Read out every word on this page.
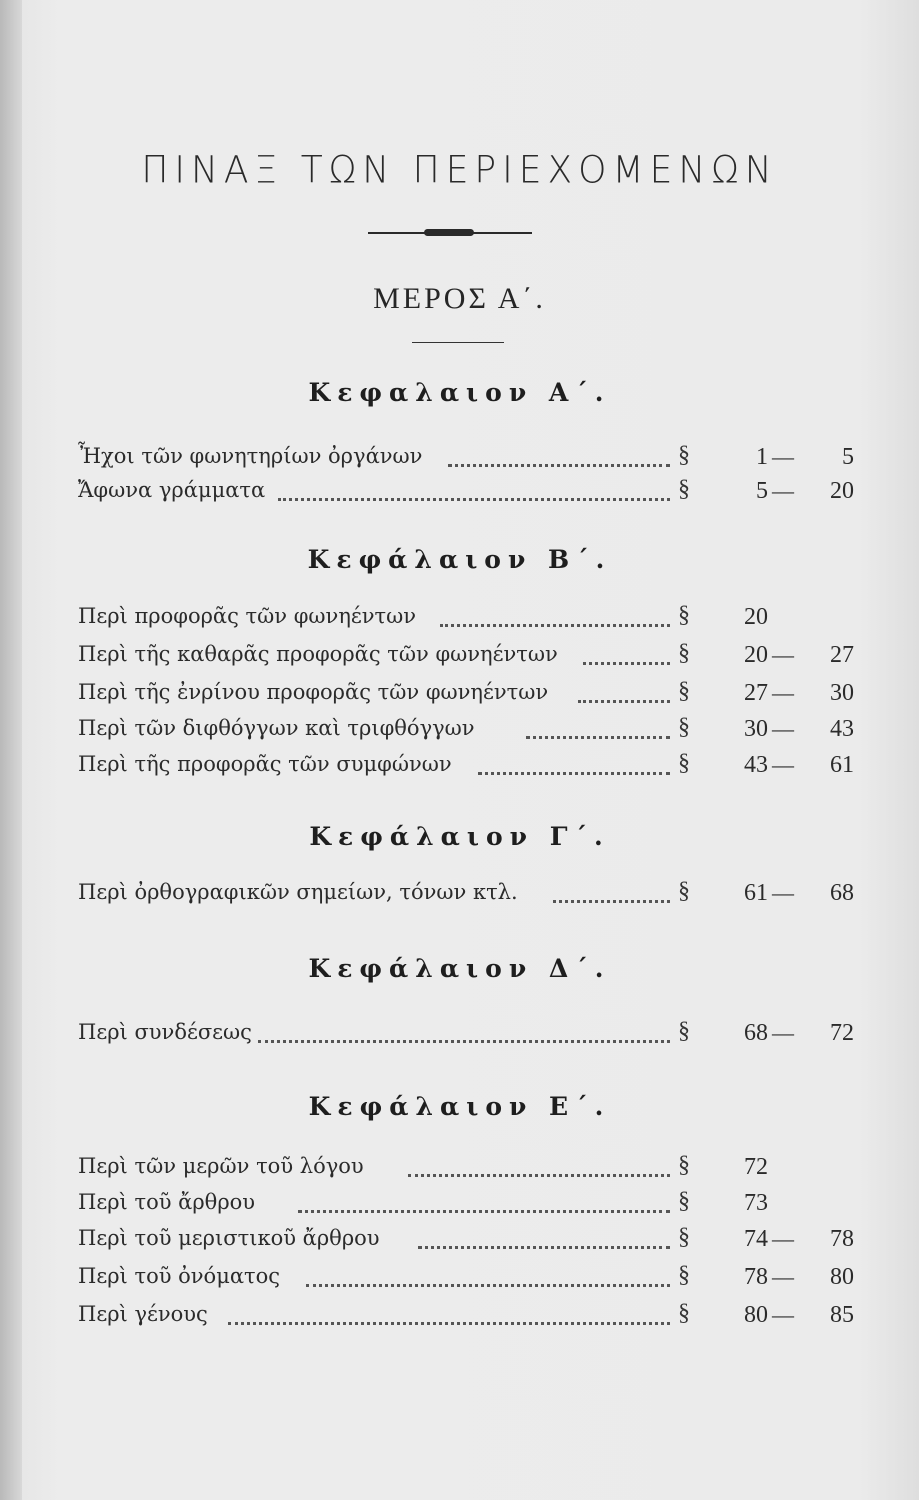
ΠΙΝΑΞ ΤΩΝ ΠΕΡΙΕΧΟΜΕΝΩΝ
ΜΕΡΟΣ Α΄.
Κεφαλαιον Α΄.
Ἦχοι τῶν φωνητηρίων ὀργάνων	§	1 —	5
Ἄφωνα γράμματα	§	5 —	20
Κεφάλαιον Β΄.
Περὶ προφορᾶς τῶν φωνηέντων	§	20
Περὶ τῆς καθαρᾶς προφορᾶς τῶν φωνηέντων	§	20 —	27
Περὶ τῆς ἐνρίνου προφορᾶς τῶν φωνηέντων	§	27 —	30
Περὶ τῶν διφθόγγων καὶ τριφθόγγων	§	30 —	43
Περὶ τῆς προφορᾶς τῶν συμφώνων	§	43 —	61
Κεφάλαιον Γ΄.
Περὶ ὀρθογραφικῶν σημείων, τόνων κτλ.	§	61 —	68
Κεφάλαιον Δ΄.
Περὶ συνδέσεως	§	68 —	72
Κεφάλαιον Ε΄.
Περὶ τῶν μερῶν τοῦ λόγου	§	72
Περὶ τοῦ ἄρθρου	§	73
Περὶ τοῦ μεριστικοῦ ἄρθρου	§	74 —	78
Περὶ τοῦ ὀνόματος	§	78 —	80
Περὶ γένους	§	80 —	85
